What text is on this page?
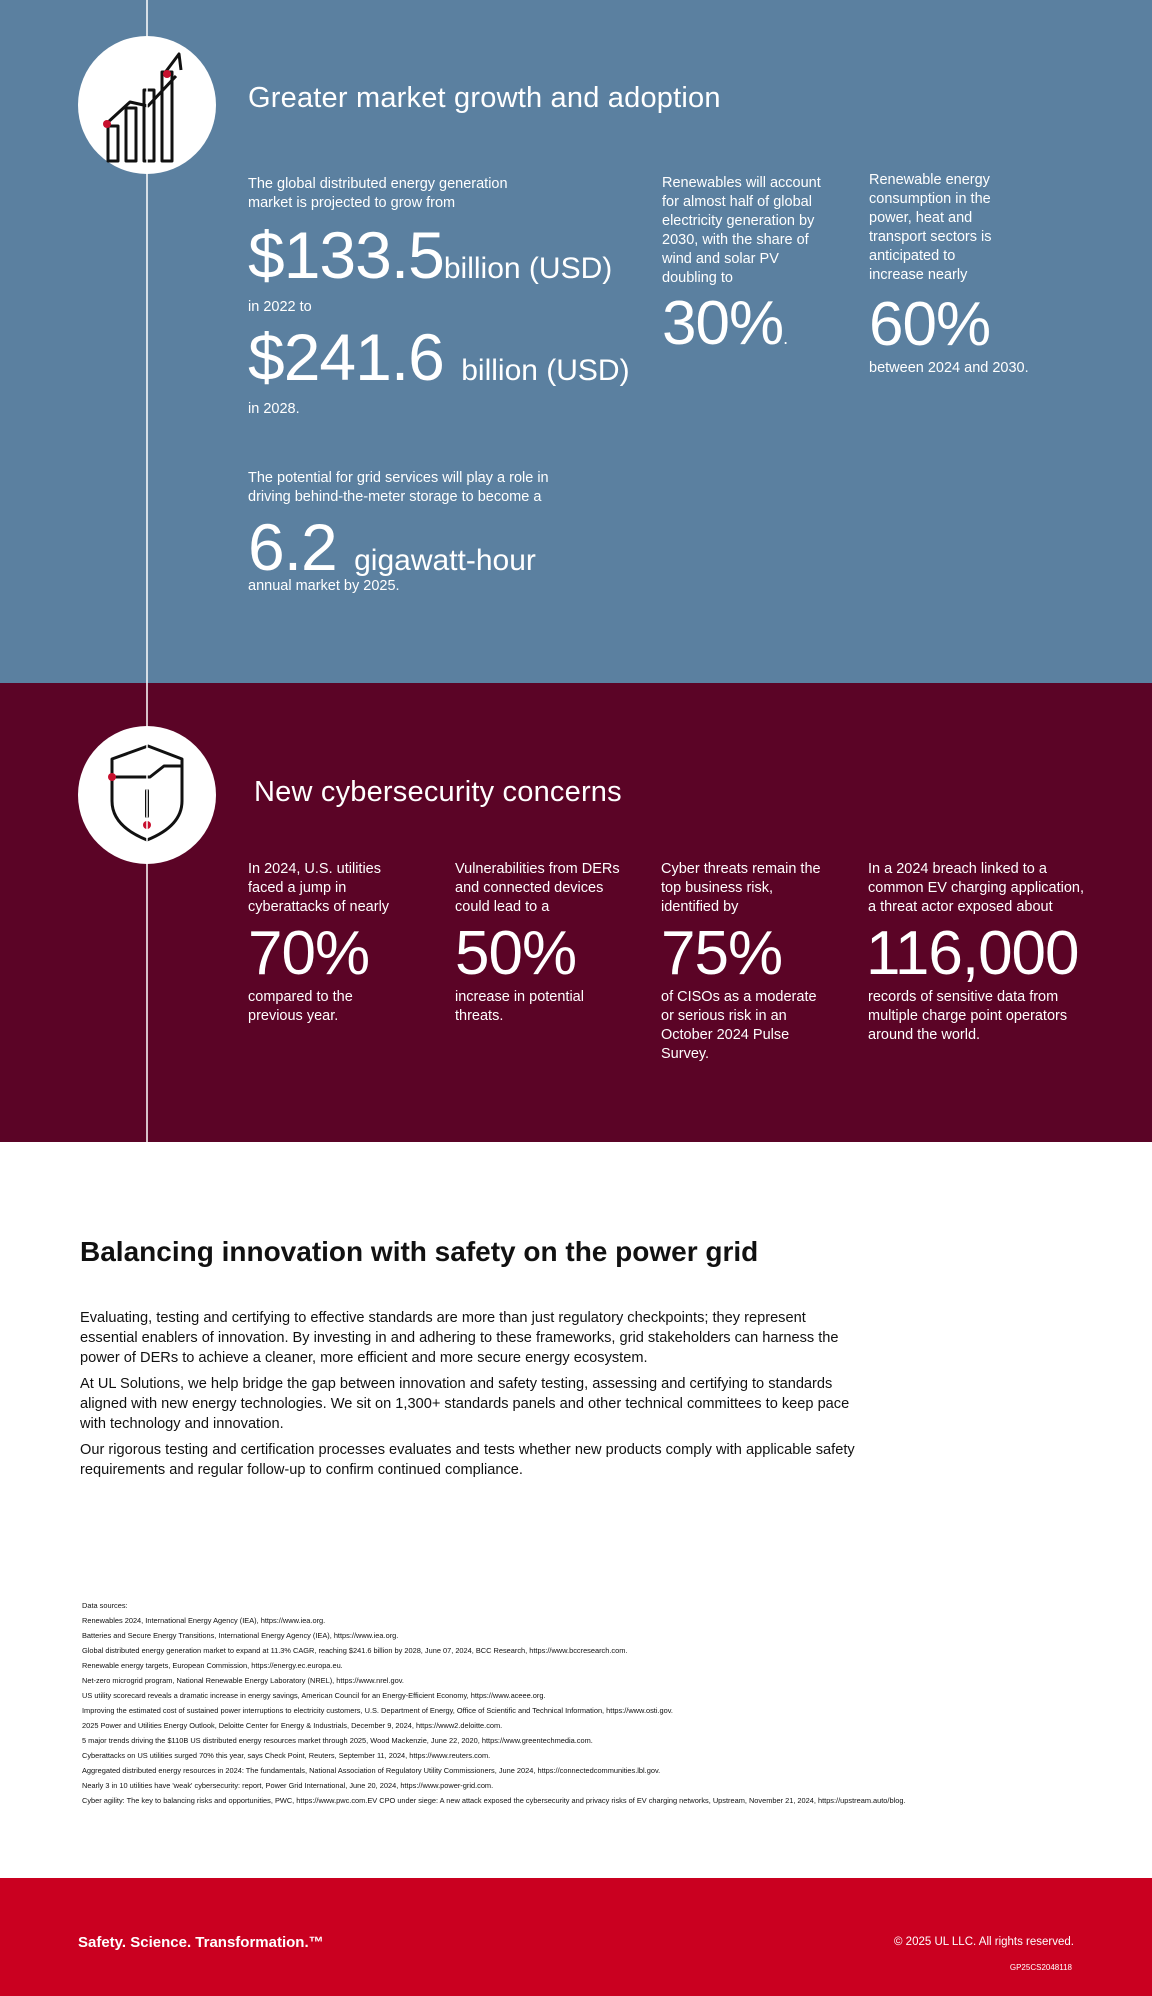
Greater market growth and adoption
The global distributed energy generation market is projected to grow from
$133.5billion (USD)
in 2022 to
$241.6 billion (USD)
in 2028.
Renewables will account for almost half of global electricity generation by 2030, with the share of wind and solar PV doubling to
30%.
Renewable energy consumption in the power, heat and transport sectors is anticipated to increase nearly
60%
between 2024 and 2030.
The potential for grid services will play a role in driving behind-the-meter storage to become a
6.2 gigawatt-hour
annual market by 2025.
New cybersecurity concerns
In 2024, U.S. utilities faced a jump in cyberattacks of nearly
70%
compared to the previous year.
Vulnerabilities from DERs and connected devices could lead to a
50%
increase in potential threats.
Cyber threats remain the top business risk, identified by
75%
of CISOs as a moderate or serious risk in an October 2024 Pulse Survey.
In a 2024 breach linked to a common EV charging application, a threat actor exposed about
116,000
records of sensitive data from multiple charge point operators around the world.
Balancing innovation with safety on the power grid

Evaluating, testing and certifying to effective standards are more than just regulatory checkpoints; they represent essential enablers of innovation. By investing in and adhering to these frameworks, grid stakeholders can harness the power of DERs to achieve a cleaner, more efficient and more secure energy ecosystem.

At UL Solutions, we help bridge the gap between innovation and safety testing, assessing and certifying to standards aligned with new energy technologies. We sit on 1,300+ standards panels and other technical committees to keep pace with technology and innovation.

Our rigorous testing and certification processes evaluates and tests whether new products comply with applicable safety requirements and regular follow-up to confirm continued compliance.

Data sources:
Renewables 2024, International Energy Agency (IEA), https://www.iea.org.
Batteries and Secure Energy Transitions, International Energy Agency (IEA), https://www.iea.org.
Global distributed energy generation market to expand at 11.3% CAGR, reaching $241.6 billion by 2028, June 07, 2024, BCC Research, https://www.bccresearch.com.
Renewable energy targets, European Commission, https://energy.ec.europa.eu.
Net-zero microgrid program, National Renewable Energy Laboratory (NREL), https://www.nrel.gov.
US utility scorecard reveals a dramatic increase in energy savings, American Council for an Energy-Efficient Economy, https://www.aceee.org.
Improving the estimated cost of sustained power interruptions to electricity customers, U.S. Department of Energy, Office of Scientific and Technical Information, https://www.osti.gov.
2025 Power and Utilities Energy Outlook, Deloitte Center for Energy & Industrials, December 9, 2024, https://www2.deloitte.com.
5 major trends driving the $110B US distributed energy resources market through 2025, Wood Mackenzie, June 22, 2020, https://www.greentechmedia.com.
Cyberattacks on US utilities surged 70% this year, says Check Point, Reuters, September 11, 2024, https://www.reuters.com.
Aggregated distributed energy resources in 2024: The fundamentals, National Association of Regulatory Utility Commissioners, June 2024, https://connectedcommunities.lbl.gov.
Nearly 3 in 10 utilities have 'weak' cybersecurity: report, Power Grid International, June 20, 2024, https://www.power-grid.com.
Cyber agility: The key to balancing risks and opportunities, PWC, https://www.pwc.com.EV CPO under siege: A new attack exposed the cybersecurity and privacy risks of EV charging networks, Upstream, November 21, 2024, https://upstream.auto/blog.
Safety. Science. Transformation.™	© 2025 UL LLC. All rights reserved.
GP25CS2048118
